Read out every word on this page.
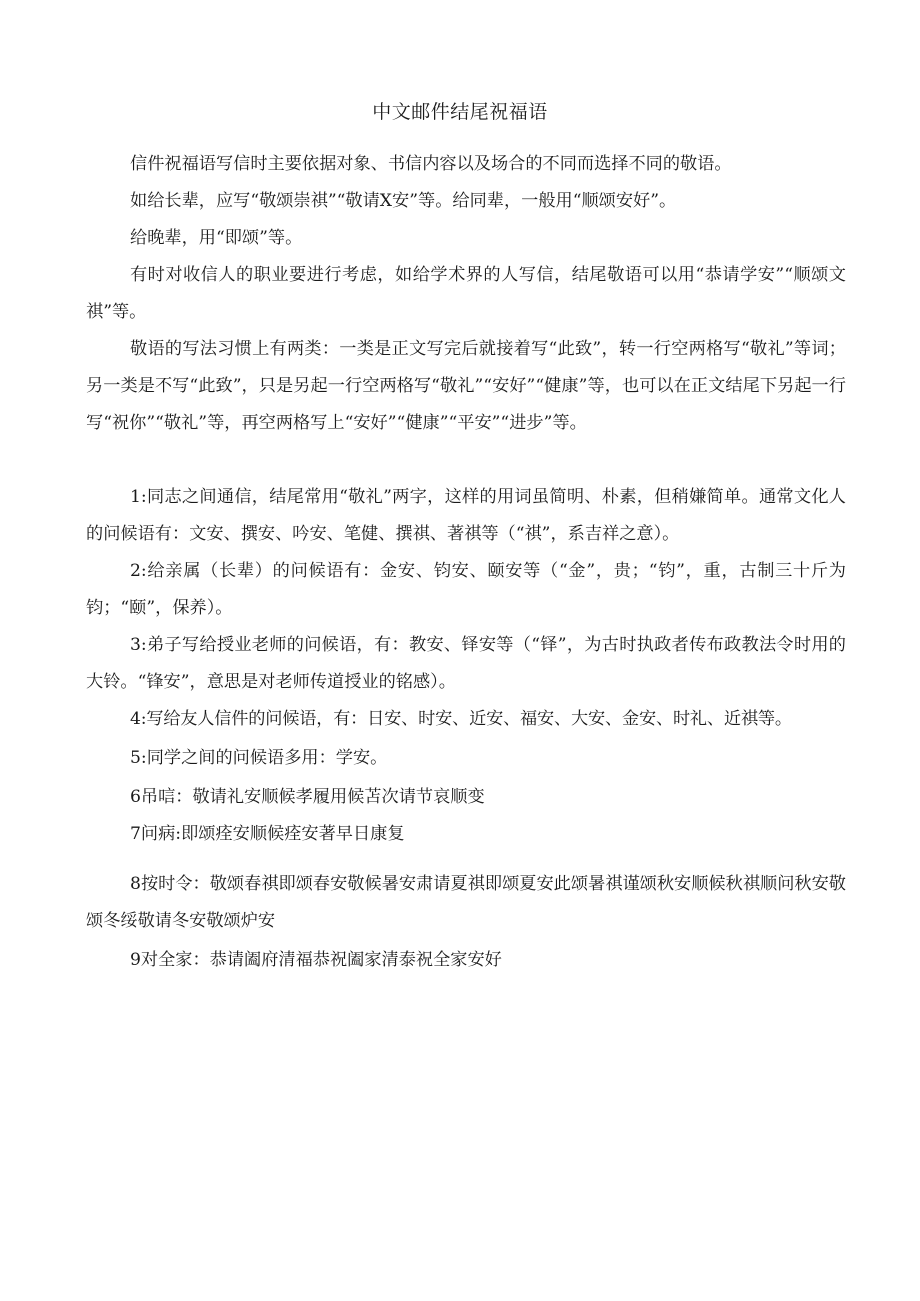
中文邮件结尾祝福语

信件祝福语写信时主要依据对象、书信内容以及场合的不同而选择不同的敬语。

如给长辈，应写“敬颂崇祺”“敬请X安”等。给同辈，一般用“顺颂安好”。

给晚辈，用“即颂”等。

有时对收信人的职业要进行考虑，如给学术界的人写信，结尾敬语可以用“恭请学安”“顺颂文祺”等。

敬语的写法习惯上有两类：一类是正文写完后就接着写“此致”，转一行空两格写“敬礼”等词；另一类是不写“此致”，只是另起一行空两格写“敬礼”“安好”“健康”等，也可以在正文结尾下另起一行写“祝你”“敬礼”等，再空两格写上“安好”“健康”“平安”“进步”等。

1:同志之间通信，结尾常用“敬礼”两字，这样的用词虽简明、朴素，但稍嫌简单。通常文化人的问候语有：文安、撰安、吟安、笔健、撰祺、著祺等（“祺”，系吉祥之意）。

2:给亲属（长辈）的问候语有：金安、钧安、颐安等（“金”，贵；“钧”，重，古制三十斤为钧；“颐”，保养）。

3:弟子写给授业老师的问候语，有：教安、铎安等（“铎”，为古时执政者传布政教法令时用的大铃。“锋安”，意思是对老师传道授业的铭感）。

4:写给友人信件的问候语，有：日安、时安、近安、福安、大安、金安、时礼、近祺等。

5:同学之间的问候语多用：学安。

6吊唁：敬请礼安顺候孝履用候苫次请节哀顺变

7问病:即颂痊安顺候痊安著早日康复

8按时令：敬颂春祺即颂春安敬候暑安肃请夏祺即颂夏安此颂暑祺谨颂秋安顺候秋祺顺问秋安敬颂冬绥敬请冬安敬颂炉安

9对全家：恭请阖府清福恭祝阖家清泰祝全家安好
